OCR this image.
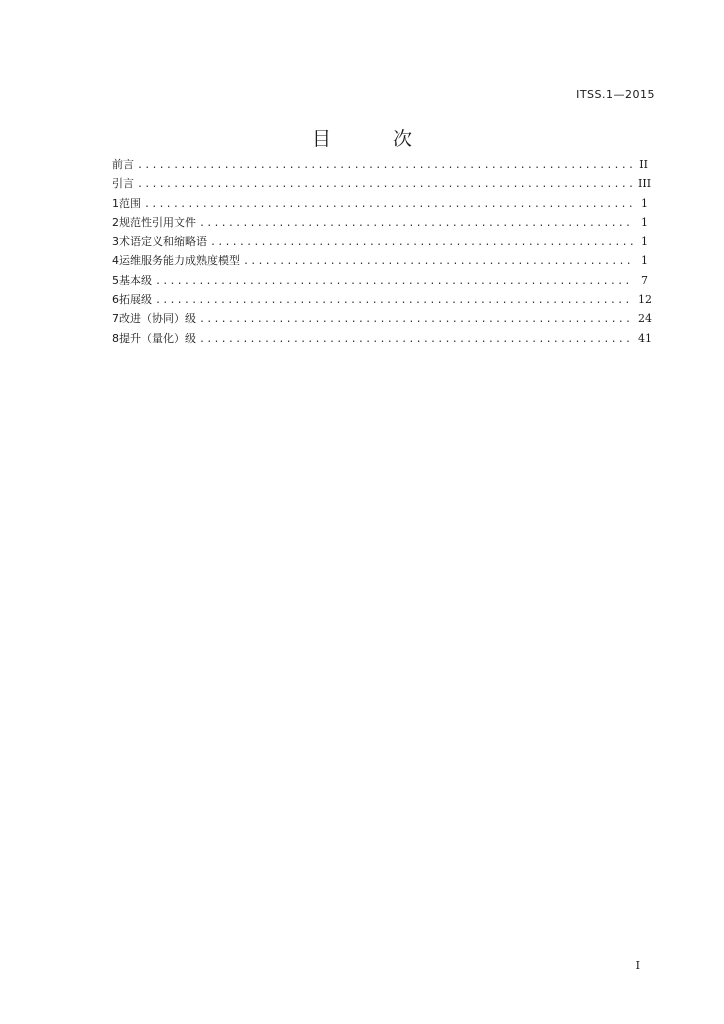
ITSS.1—2015
目 次
前言 .....	II
引言 .....	III
1 范围 .....	1
2 规范性引用文件 .....	1
3 术语定义和缩略语 .....	1
4 运维服务能力成熟度模型 .....	1
5 基本级 .....	7
6 拓展级 .....	12
7 改进（协同）级 .....	24
8 提升（量化）级 .....	41
I
